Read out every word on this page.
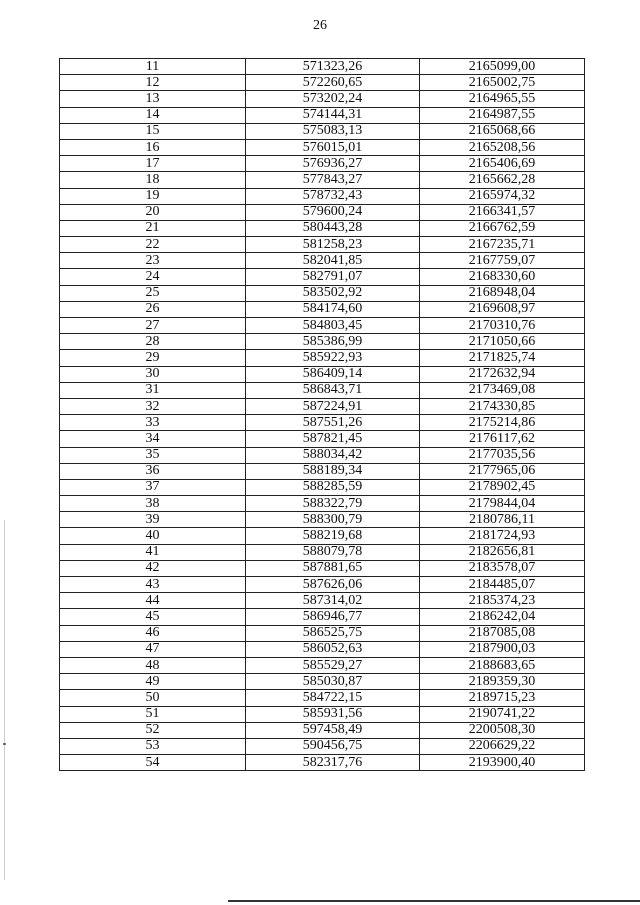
26
11	571323,26	2165099,00
12	572260,65	2165002,75
13	573202,24	2164965,55
14	574144,31	2164987,55
15	575083,13	2165068,66
16	576015,01	2165208,56
17	576936,27	2165406,69
18	577843,27	2165662,28
19	578732,43	2165974,32
20	579600,24	2166341,57
21	580443,28	2166762,59
22	581258,23	2167235,71
23	582041,85	2167759,07
24	582791,07	2168330,60
25	583502,92	2168948,04
26	584174,60	2169608,97
27	584803,45	2170310,76
28	585386,99	2171050,66
29	585922,93	2171825,74
30	586409,14	2172632,94
31	586843,71	2173469,08
32	587224,91	2174330,85
33	587551,26	2175214,86
34	587821,45	2176117,62
35	588034,42	2177035,56
36	588189,34	2177965,06
37	588285,59	2178902,45
38	588322,79	2179844,04
39	588300,79	2180786,11
40	588219,68	2181724,93
41	588079,78	2182656,81
42	587881,65	2183578,07
43	587626,06	2184485,07
44	587314,02	2185374,23
45	586946,77	2186242,04
46	586525,75	2187085,08
47	586052,63	2187900,03
48	585529,27	2188683,65
49	585030,87	2189359,30
50	584722,15	2189715,23
51	585931,56	2190741,22
52	597458,49	2200508,30
53	590456,75	2206629,22
54	582317,76	2193900,40
